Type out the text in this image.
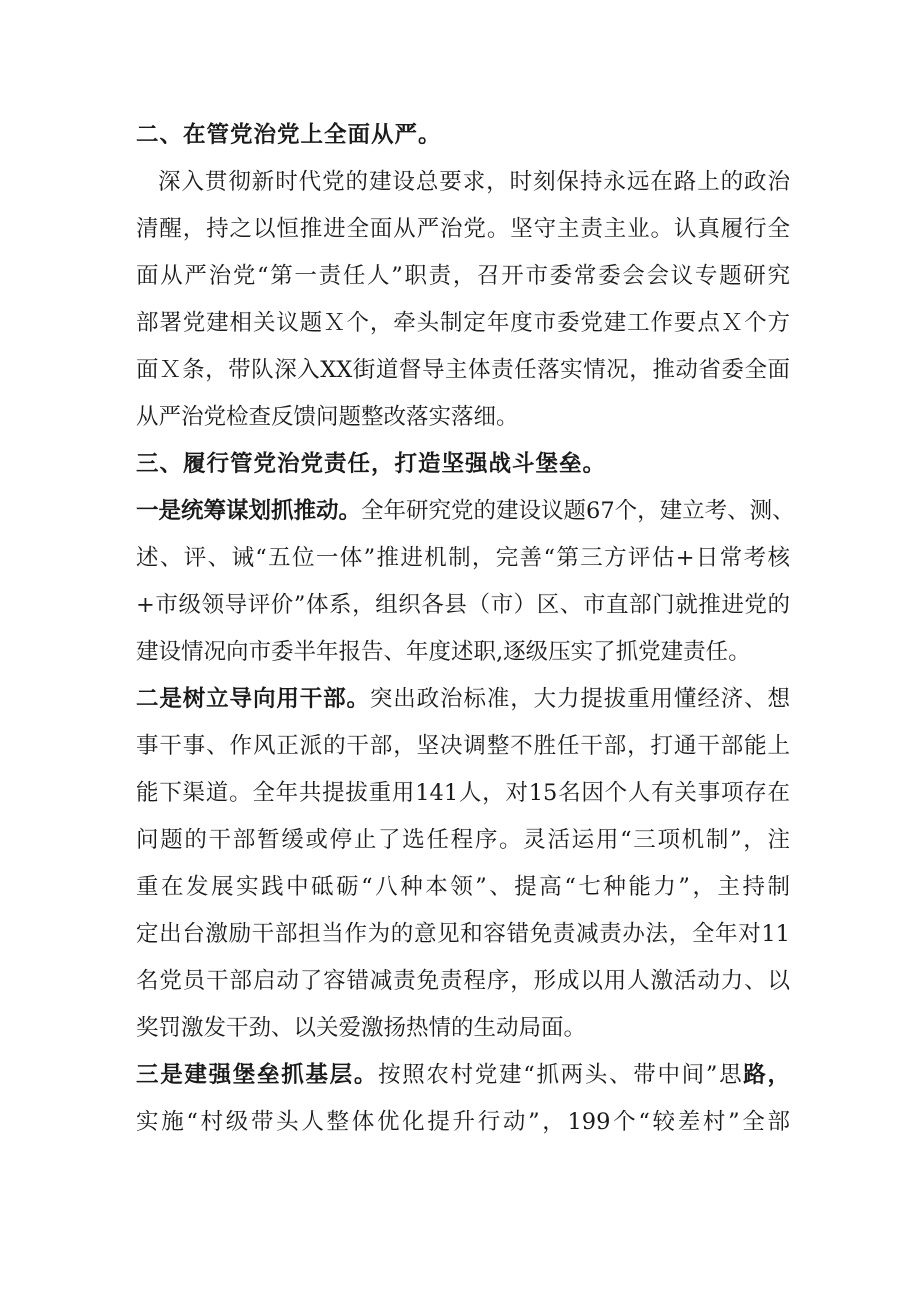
二、在管党治党上全面从严。
深入贯彻新时代党的建设总要求，时刻保持永远在路上的政治
清醒，持之以恒推进全面从严治党。坚守主责主业。认真履行全
面从严治党“第一责任人”职责，召开市委常委会会议专题研究
部署党建相关议题Ｘ个，牵头制定年度市委党建工作要点Ｘ个方
面Ｘ条，带队深入XX街道督导主体责任落实情况，推动省委全面
从严治党检查反馈问题整改落实落细。
三、履行管党治党责任，打造坚强战斗堡垒。
一是统筹谋划抓推动。全年研究党的建设议题67个，建立考、测、
述、评、诫“五位一体”推进机制，完善“第三方评估+日常考核
+市级领导评价”体系，组织各县（市）区、市直部门就推进党的
建设情况向市委半年报告、年度述职,逐级压实了抓党建责任。
二是树立导向用干部。突出政治标准，大力提拔重用懂经济、想
事干事、作风正派的干部，坚决调整不胜任干部，打通干部能上
能下渠道。全年共提拔重用141人，对15名因个人有关事项存在
问题的干部暂缓或停止了选任程序。灵活运用“三项机制”，注
重在发展实践中砥砺“八种本领”、提高“七种能力”，主持制
定出台激励干部担当作为的意见和容错免责减责办法，全年对11
名党员干部启动了容错减责免责程序，形成以用人激活动力、以
奖罚激发干劲、以关爱激扬热情的生动局面。
三是建强堡垒抓基层。按照农村党建“抓两头、带中间”思路，
实施“村级带头人整体优化提升行动”，199个“较差村”全部
